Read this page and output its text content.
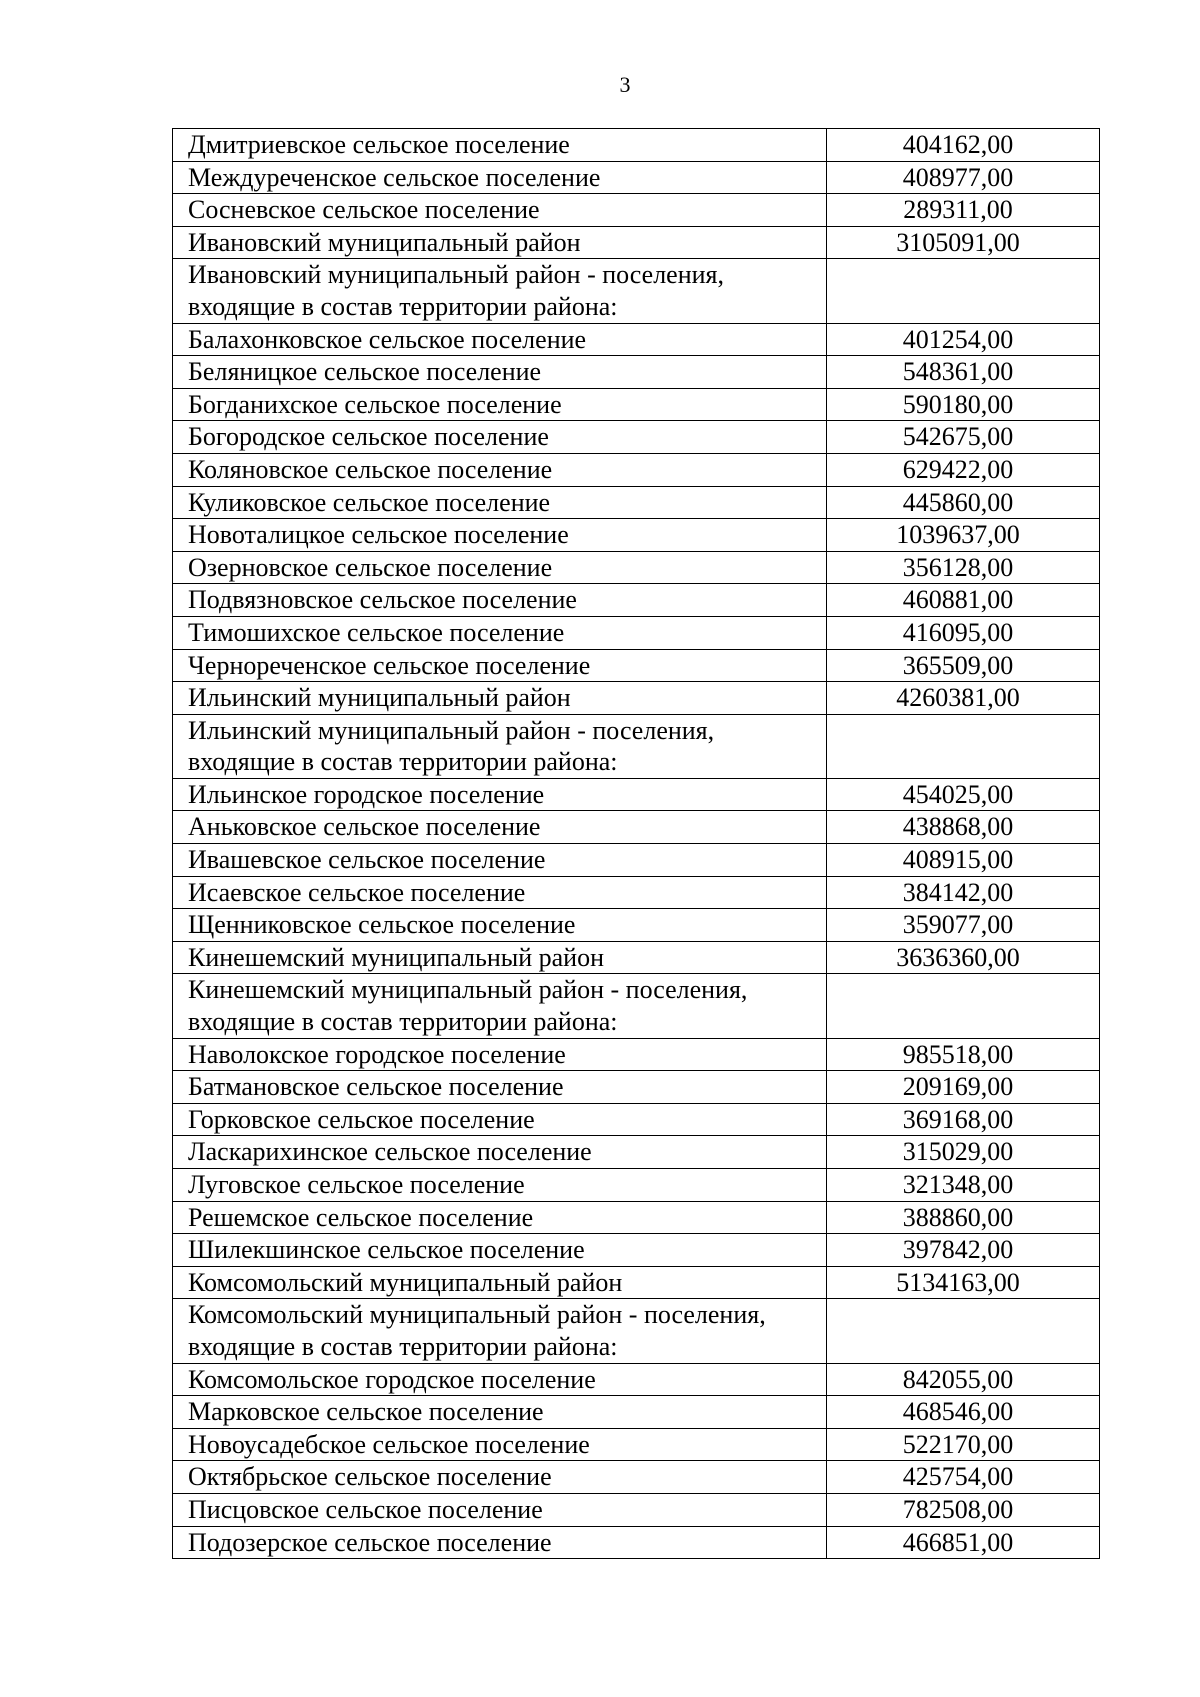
3
Дмитриевское сельское поселение	404162,00
Междуреченское сельское поселение	408977,00
Сосневское сельское поселение	289311,00
Ивановский муниципальный район	3105091,00
Ивановский муниципальный район - поселения, входящие в состав территории района:	
Балахонковское сельское поселение	401254,00
Беляницкое сельское поселение	548361,00
Богданихское сельское поселение	590180,00
Богородское сельское поселение	542675,00
Коляновское сельское поселение	629422,00
Куликовское сельское поселение	445860,00
Новоталицкое сельское поселение	1039637,00
Озерновское сельское поселение	356128,00
Подвязновское сельское поселение	460881,00
Тимошихское сельское поселение	416095,00
Чернореченское сельское поселение	365509,00
Ильинский муниципальный район	4260381,00
Ильинский муниципальный район - поселения, входящие в состав территории района:	
Ильинское городское поселение	454025,00
Аньковское сельское поселение	438868,00
Ивашевское сельское поселение	408915,00
Исаевское сельское поселение	384142,00
Щенниковское сельское поселение	359077,00
Кинешемский муниципальный район	3636360,00
Кинешемский муниципальный район - поселения, входящие в состав территории района:	
Наволокское городское поселение	985518,00
Батмановское сельское поселение	209169,00
Горковское сельское поселение	369168,00
Ласкарихинское сельское поселение	315029,00
Луговское сельское поселение	321348,00
Решемское сельское поселение	388860,00
Шилекшинское сельское поселение	397842,00
Комсомольский муниципальный район	5134163,00
Комсомольский муниципальный район - поселения, входящие в состав территории района:	
Комсомольское городское поселение	842055,00
Марковское сельское поселение	468546,00
Новоусадебское сельское поселение	522170,00
Октябрьское сельское поселение	425754,00
Писцовское сельское поселение	782508,00
Подозерское сельское поселение	466851,00
